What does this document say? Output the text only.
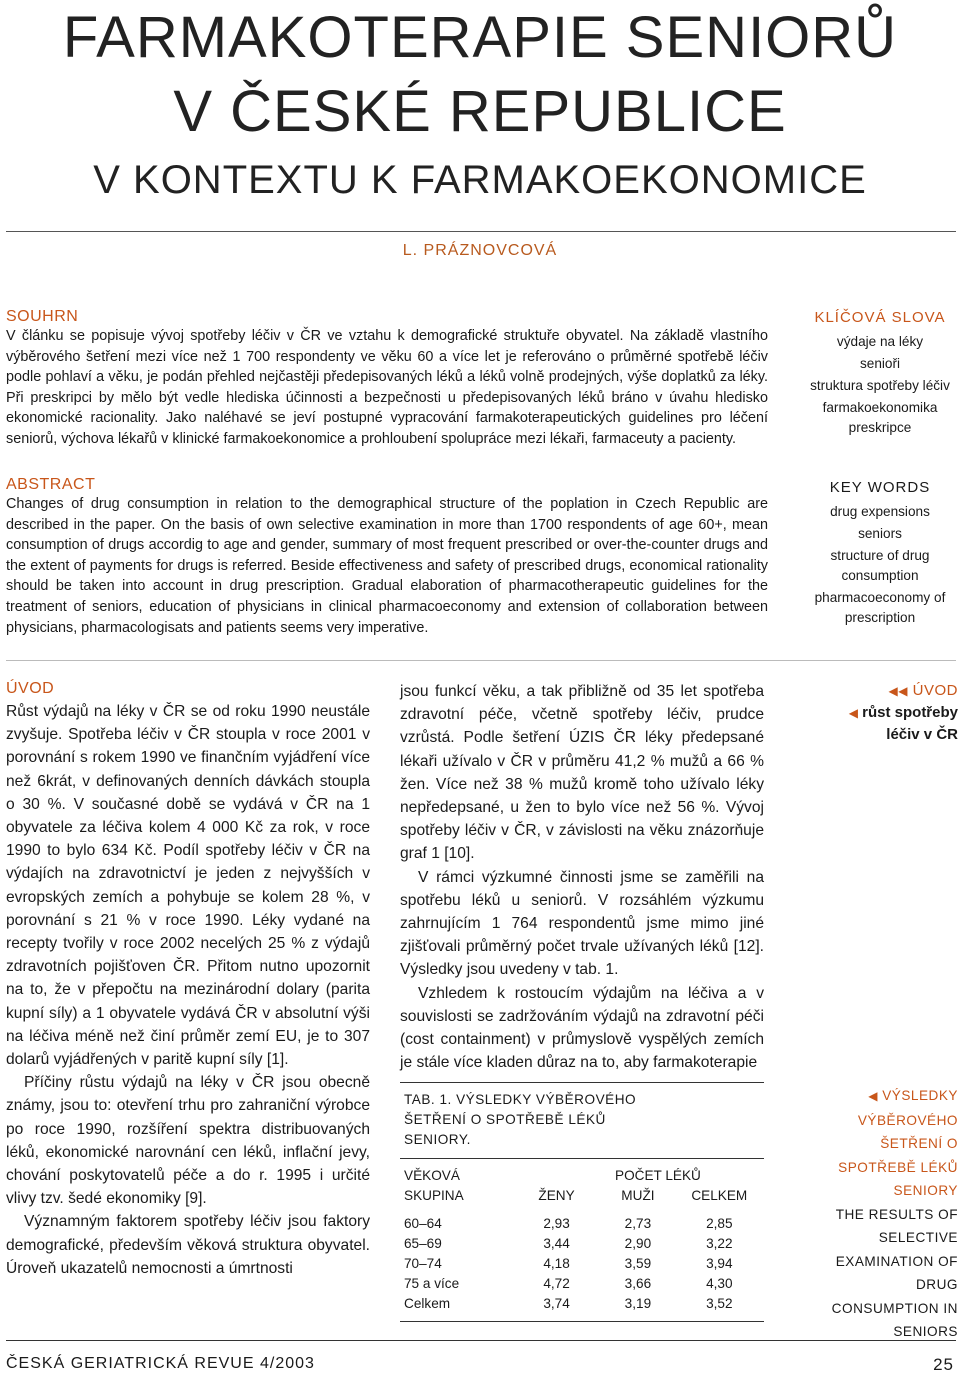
FARMAKOTERAPIE SENIORŮ
V ČESKÉ REPUBLICE
V KONTEXTU K FARMAKOEKONOMICE
L. PRÁZNOVCOVÁ
SOUHRN

V článku se popisuje vývoj spotřeby léčiv v ČR ve vztahu k demografické struktuře obyvatel. Na základě vlastního výběrového šetření mezi více než 1 700 respondenty ve věku 60 a více let je referováno o průměrné spotřebě léčiv podle pohlaví a věku, je podán přehled nejčastěji předepisovaných léků a léků volně prodejných, výše doplatků za léky. Při preskripci by mělo být vedle hlediska účinnosti a bezpečnosti u předepisovaných léků bráno v úvahu hledisko ekonomické racionality. Jako naléhavé se jeví postupné vypracování farmakoterapeutických guidelines pro léčení seniorů, výchova lékařů v klinické farmakoekonomice a prohloubení spolupráce mezi lékaři, farmaceuty a pacienty.

ABSTRACT

Changes of drug consumption in relation to the demographical structure of the poplation in Czech Republic are described in the paper. On the basis of own selective examination in more than 1700 respondents of age 60+, mean consumption of drugs accordig to age and gender, summary of most frequent prescribed or over-the-counter drugs and the extent of payments for drugs is referred. Beside effectiveness and safety of prescribed drugs, economical rationality should be taken into account in drug prescription. Gradual elaboration of pharmacotherapeutic guidelines for the treatment of seniors, education of physicians in clinical pharmacoeconomy and extension of collaboration between physicians, pharmacologisats and patients seems very imperative.

KLÍČOVÁ SLOVA
výdaje na léky
senioři
struktura spotřeby léčiv
farmakoekonomika preskripce
KEY WORDS
drug expensions
seniors
structure of drug consumption
pharmacoeconomy of prescription
ÚVOD

Růst výdajů na léky v ČR se od roku 1990 neustále zvyšuje. Spotřeba léčiv v ČR stoupla v roce 2001 v porovnání s rokem 1990 ve finančním vyjádření více než 6krát, v definovaných denních dávkách stoupla o 30 %. V současné době se vydává v ČR na 1 obyvatele za léčiva kolem 4 000 Kč za rok, v roce 1990 to bylo 634 Kč. Podíl spotřeby léčiv v ČR na výdajích na zdravotnictví je jeden z nejvyšších v evropských zemích a pohybuje se kolem 28 %, v porovnání s 21 % v roce 1990. Léky vydané na recepty tvořily v roce 2002 necelých 25 % z výdajů zdravotních pojišťoven ČR. Přitom nutno upozornit na to, že v přepočtu na mezinárodní dolary (parita kupní síly) a 1 obyvatele vydává ČR v absolutní výši na léčiva méně než činí průměr zemí EU, je to 307 dolarů vyjádřených v paritě kupní síly [1].

Příčiny růstu výdajů na léky v ČR jsou obecně známy, jsou to: otevření trhu pro zahraniční výrobce po roce 1990, rozšíření spektra distribuovaných léků, ekonomické narovnání cen léků, inflační jevy, chování poskytovatelů péče a do r. 1995 i určité vlivy tzv. šedé ekonomiky [9].

Významným faktorem spotřeby léčiv jsou faktory demografické, především věková struktura obyvatel. Úroveň ukazatelů nemocnosti a úmrtnosti

jsou funkcí věku, a tak přibližně od 35 let spotřeba zdravotní péče, včetně spotřeby léčiv, prudce vzrůstá. Podle šetření ÚZIS ČR léky předepsané lékaři užívalo v ČR v průměru 41,2 % mužů a 66 % žen. Více než 38 % mužů kromě toho užívalo léky nepředepsané, u žen to bylo více než 56 %. Vývoj spotřeby léčiv v ČR, v závislosti na věku znázorňuje graf 1 [10].

V rámci výzkumné činnosti jsme se zaměřili na spotřebu léků u seniorů. V rozsáhlém výzkumu zahrnujícím 1 764 respondentů jsme mimo jiné zjišťovali průměrný počet trvale užívaných léků [12]. Výsledky jsou uvedeny v tab. 1.

Vzhledem k rostoucím výdajům na léčiva a v souvislosti se zadržováním výdajů na zdravotní péči (cost containment) v průmyslově vyspělých zemích je stále více kladen důraz na to, aby farmakoterapie

TAB. 1. VÝSLEDKY VÝBĚROVÉHO ŠETŘENÍ O SPOTŘEBĚ LÉKŮ SENIORY.
VĚKOVÁ	POČET LÉKŮ		
SKUPINA	ŽENY	MUŽI	CELKEM

60–64	2,93	2,73	2,85
65–69	3,44	2,90	3,22
70–74	4,18	3,59	3,94
75 a více	4,72	3,66	4,30
Celkem	3,74	3,19	3,52
◀◀ ÚVOD
◀ růst spotřeby léčiv v ČR
◀ VÝSLEDKY VÝBĚROVÉHO ŠETŘENÍ O SPOTŘEBĚ LÉKŮ SENIORY
THE RESULTS OF SELECTIVE EXAMINATION OF DRUG CONSUMPTION IN SENIORS
ČESKÁ GERIATRICKÁ REVUE 4/2003	25
